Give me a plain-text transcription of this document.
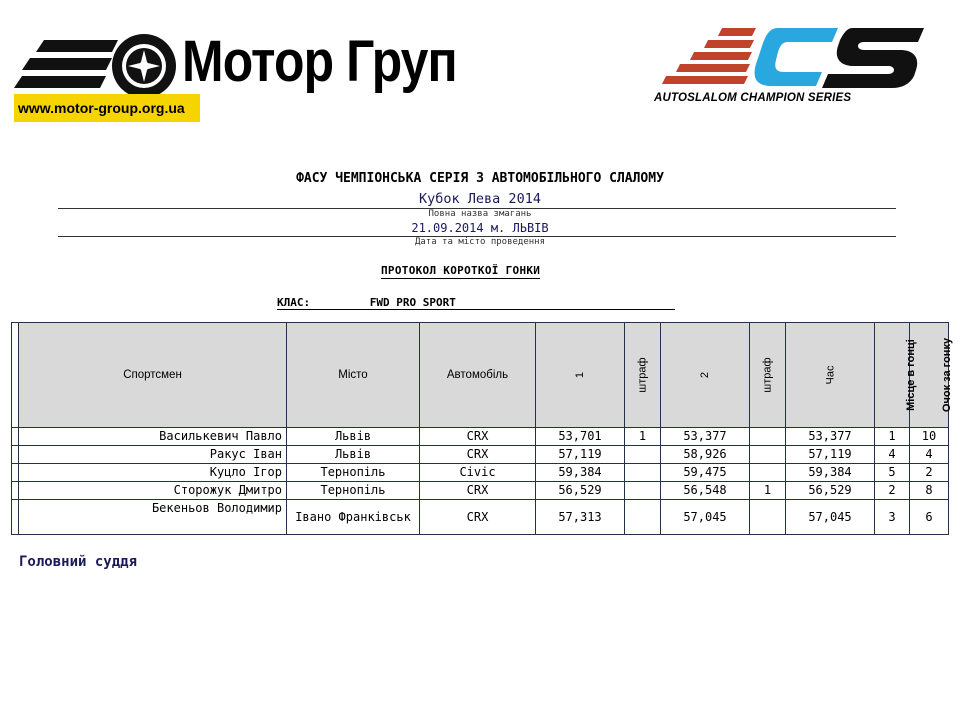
Мотор Груп
www.motor-group.org.ua
AUTOSLALOM CHAMPION SERIES
ФАСУ ЧЕМПІОНСЬКА СЕРІЯ З АВТОМОБІЛЬНОГО СЛАЛОМУ
Кубок Лева 2014
Повна назва змагань
21.09.2014 м. ЛЬВІВ
Дата та місто проведення
ПРОТОКОЛ КОРОТКОЇ ГОНКИ
КЛАС:	FWD PRO SPORT
	Спортсмен	Місто	Автомобіль	1	штраф	2	штраф	Час	Місце в гонці	Очок за гонку
	Василькевич Павло	Львів	CRX	53,701	1	53,377		53,377	1	10
	Ракус Іван	Львів	CRX	57,119		58,926		57,119	4	4
	Куцло Ігор	Тернопіль	Civic	59,384		59,475		59,384	5	2
	Сторожук Дмитро	Тернопіль	CRX	56,529		56,548	1	56,529	2	8
	Бекеньов Володимир	Івано Франківськ	CRX	57,313		57,045		57,045	3	6
Головний суддя
